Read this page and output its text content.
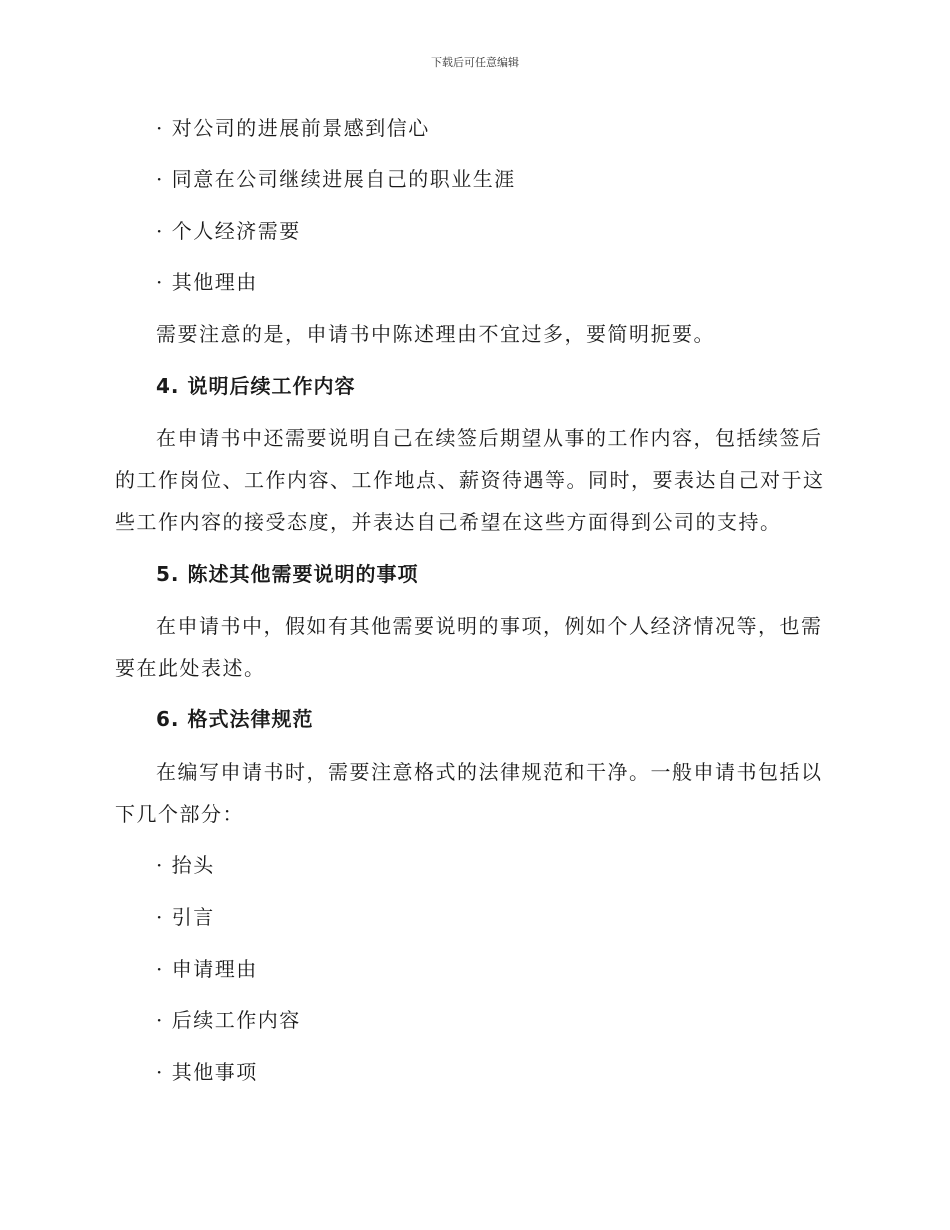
下载后可任意编辑
· 对公司的进展前景感到信心
· 同意在公司继续进展自己的职业生涯
· 个人经济需要
· 其他理由
需要注意的是，申请书中陈述理由不宜过多，要简明扼要。
4. 说明后续工作内容
在申请书中还需要说明自己在续签后期望从事的工作内容，包括续签后
的工作岗位、工作内容、工作地点、薪资待遇等。同时，要表达自己对于这
些工作内容的接受态度，并表达自己希望在这些方面得到公司的支持。
5. 陈述其他需要说明的事项
在申请书中，假如有其他需要说明的事项，例如个人经济情况等，也需
要在此处表述。
6. 格式法律规范
在编写申请书时，需要注意格式的法律规范和干净。一般申请书包括以
下几个部分：
· 抬头
· 引言
· 申请理由
· 后续工作内容
· 其他事项
